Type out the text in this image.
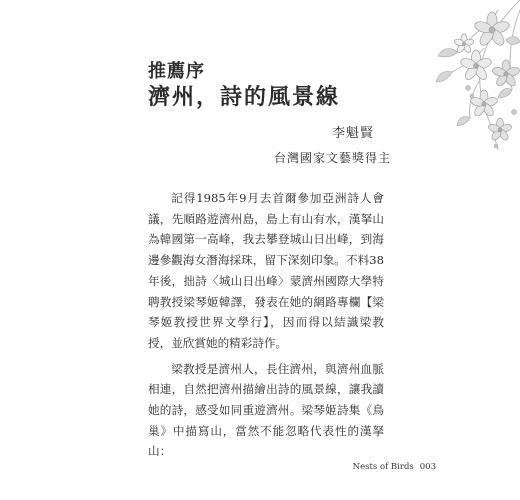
推薦序
濟州，詩的風景線
李魁賢
台灣國家文藝獎得主

記得1985年9月去首爾參加亞洲詩人會議，先順路遊濟州島，島上有山有水，漢拏山為韓國第一高峰，我去攀登城山日出峰，到海邊參觀海女潛海採珠，留下深刻印象。不料38年後，拙詩〈城山日出峰〉蒙濟州國際大學特聘教授梁琴姬韓譯，發表在她的網路專欄【梁琴姬教授世界文學行】，因而得以結識梁教授，並欣賞她的精彩詩作。

梁教授是濟州人，長住濟州，與濟州血脈相連，自然把濟州描繪出詩的風景線，讓我讀她的詩，感受如同重遊濟州。梁琴姬詩集《鳥巢》中描寫山，當然不能忽略代表性的漢拏山：

Nests of Birds 003
